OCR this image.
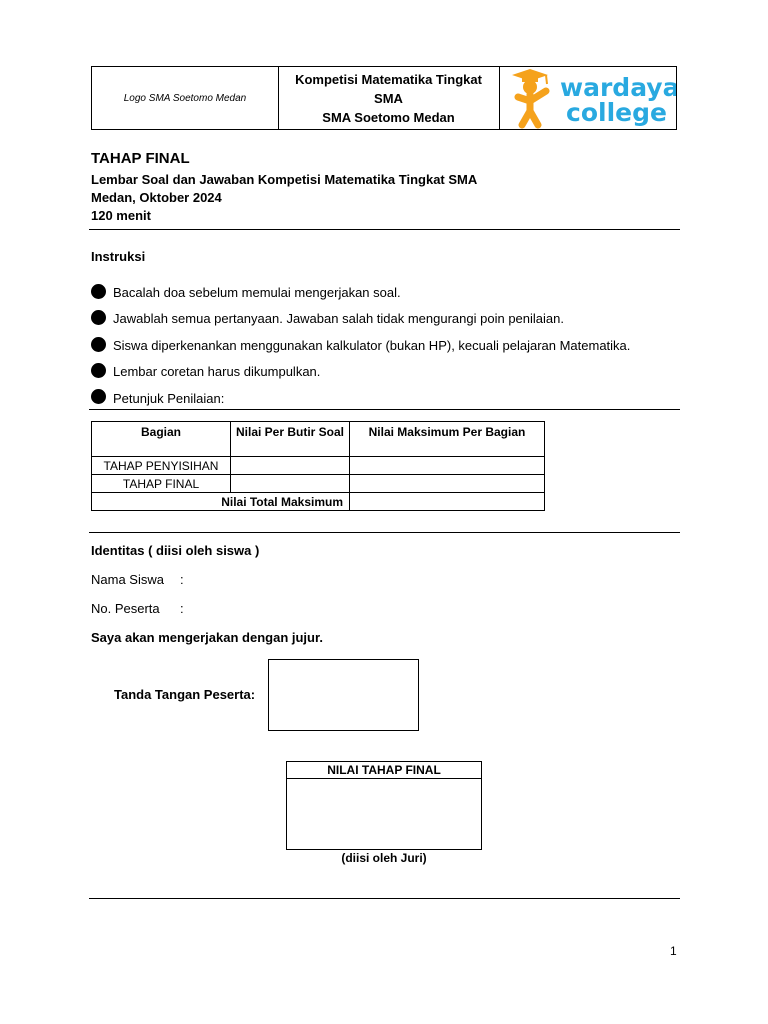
Logo SMA Soetomo Medan
Kompetisi Matematika Tingkat
SMA
SMA Soetomo Medan
wardaya
college
TAHAP FINAL
Lembar Soal dan Jawaban Kompetisi Matematika Tingkat SMA
Medan, Oktober 2024
120 menit
Instruksi
Bacalah doa sebelum memulai mengerjakan soal.
Jawablah semua pertanyaan. Jawaban salah tidak mengurangi poin penilaian.
Siswa diperkenankan menggunakan kalkulator (bukan HP), kecuali pelajaran Matematika.
Lembar coretan harus dikumpulkan.
Petunjuk Penilaian:
Bagian	Nilai Per Butir Soal	Nilai Maksimum Per Bagian
TAHAP PENYISIHAN		
TAHAP FINAL		
Nilai Total Maksimum		
Identitas ( diisi oleh siswa )
Nama Siswa :
No. Peserta :
Saya akan mengerjakan dengan jujur.
Tanda Tangan Peserta:
NILAI TAHAP FINAL
(diisi oleh Juri)
1
